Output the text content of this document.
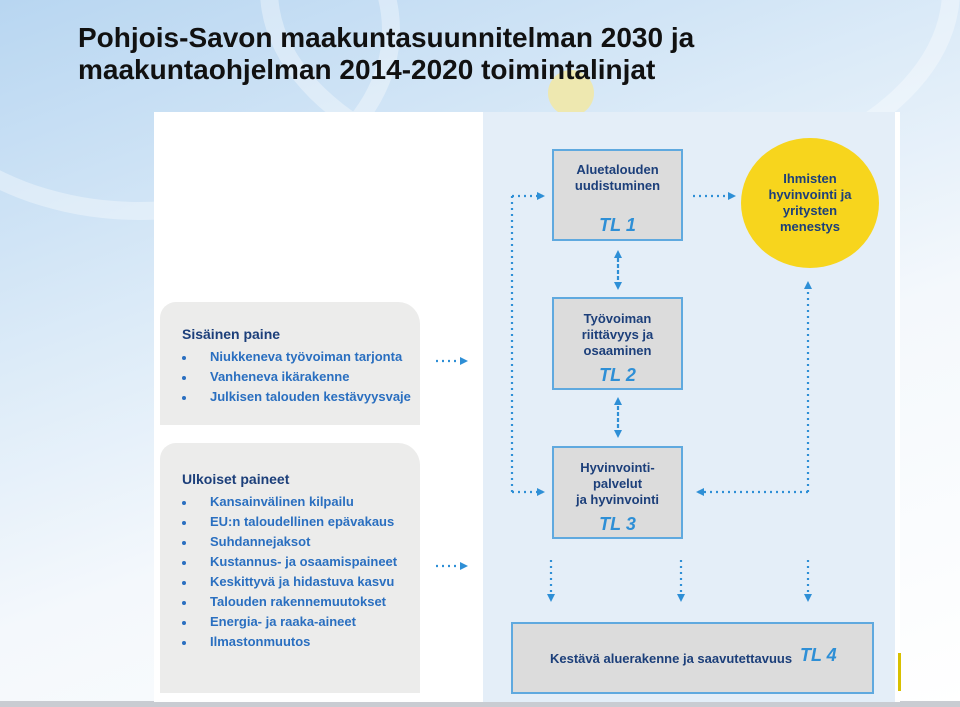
Pohjois-Savon maakuntasuunnitelman 2030 ja
maakuntaohjelman 2014-2020 toimintalinjat
Sisäinen paine
Niukkeneva työvoiman tarjonta
Vanheneva ikärakenne
Julkisen talouden kestävyysvaje
Ulkoiset paineet
Kansainvälinen kilpailu
EU:n taloudellinen epävakaus
Suhdannejaksot
Kustannus- ja osaamispaineet
Keskittyvä ja hidastuva kasvu
Talouden rakennemuutokset
Energia- ja raaka-aineet
Ilmastonmuutos
Aluetalouden
uudistuminen
TL 1
Työvoiman
riittävyys ja
osaaminen
TL 2
Hyvinvointi-
palvelut
ja hyvinvointi
TL 3
Kestävä aluerakenne ja saavutettavuus TL 4
Ihmisten
hyvinvointi ja
yritysten
menestys
